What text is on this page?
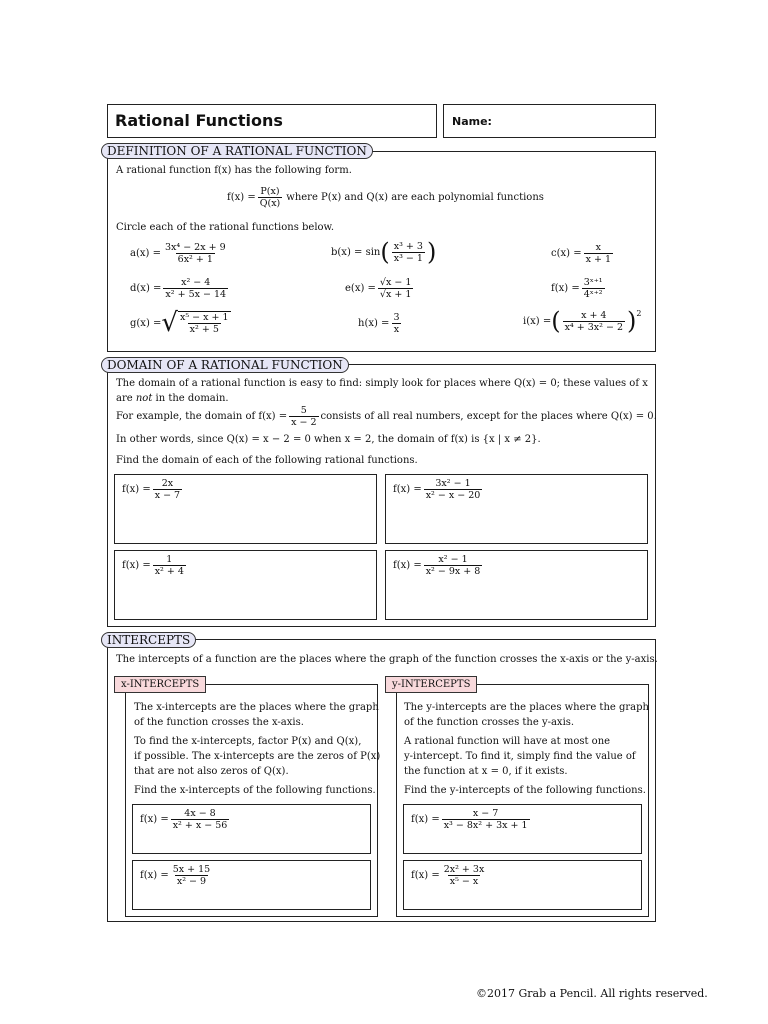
Rational Functions	Name:
DEFINITION OF A RATIONAL FUNCTION
A rational function f(x) has the following form.
$f(x) = \frac{P(x)}{Q(x)}$ where P(x) and Q(x) are each polynomial functions
Circle each of the rational functions below.
$a(x) = \frac{\text{3x⁴ − 2x + 9}}{\text{6x² + 1}}$	b(x) = sin ( $\frac{\text{x³ + 3}}{\text{x³ − 1}}$ )	$c(x) = \frac{x}{x + 1}$
$d(x) = \frac{\text{x² − 4}}{\text{x² + 5x − 14}}$	$e(x) = \frac{√x - 1}{√x + 1}$	$f(x) = \frac{\text{3ˣ⁺¹}}{\text{4ˣ⁺²}}$
g(x) = √ $\frac{\text{x⁵ − x + 1}}{\text{x² + 5}}$	$h(x) = \frac{3}{x}$	i(x) = ( $\frac{x + 4}{\text{x⁴ + 3x² − 2}}$ ) 2
DOMAIN OF A RATIONAL FUNCTION
The domain of a rational function is easy to find: simply look for places where Q(x) = 0; these values of x are not in the domain.
For example, the domain of $f(x) = \frac{5}{x - 2}$ consists of all real numbers, except for the places where Q(x) = 0.
In other words, since Q(x) = x − 2 = 0 when x = 2, the domain of f(x) is {x | x ≠ 2}.
Find the domain of each of the following rational functions.
$f(x) = \frac{2x}{x - 7}$	$f(x) = \frac{\text{3x² − 1}}{\text{x² − x − 20}}$
$f(x) = \frac{1}{\text{x² + 4}}$	$f(x) = \frac{\text{x² − 1}}{\text{x² − 9x + 8}}$
INTERCEPTS
The intercepts of a function are the places where the graph of the function crosses the x-axis or the y-axis.
x-INTERCEPTS
The x-intercepts are the places where the graph
of the function crosses the x-axis.
To find the x-intercepts, factor P(x) and Q(x),
if possible. The x-intercepts are the zeros of P(x)
that are not also zeros of Q(x).
Find the x-intercepts of the following functions.
$f(x) = \frac{4x - 8}{\text{x² + x − 56}}$
$f(x) = \frac{5x + 15}{\text{x² − 9}}$
y-INTERCEPTS
The y-intercepts are the places where the graph
of the function crosses the y-axis.
A rational function will have at most one
y-intercept. To find it, simply find the value of
the function at x = 0, if it exists.
Find the y-intercepts of the following functions.
$f(x) = \frac{x - 7}{\text{x³ − 8x² + 3x + 1}}$
$f(x) = \frac{\text{2x² + 3x}}{\text{x⁵ − x}}$
©2017 Grab a Pencil. All rights reserved.
